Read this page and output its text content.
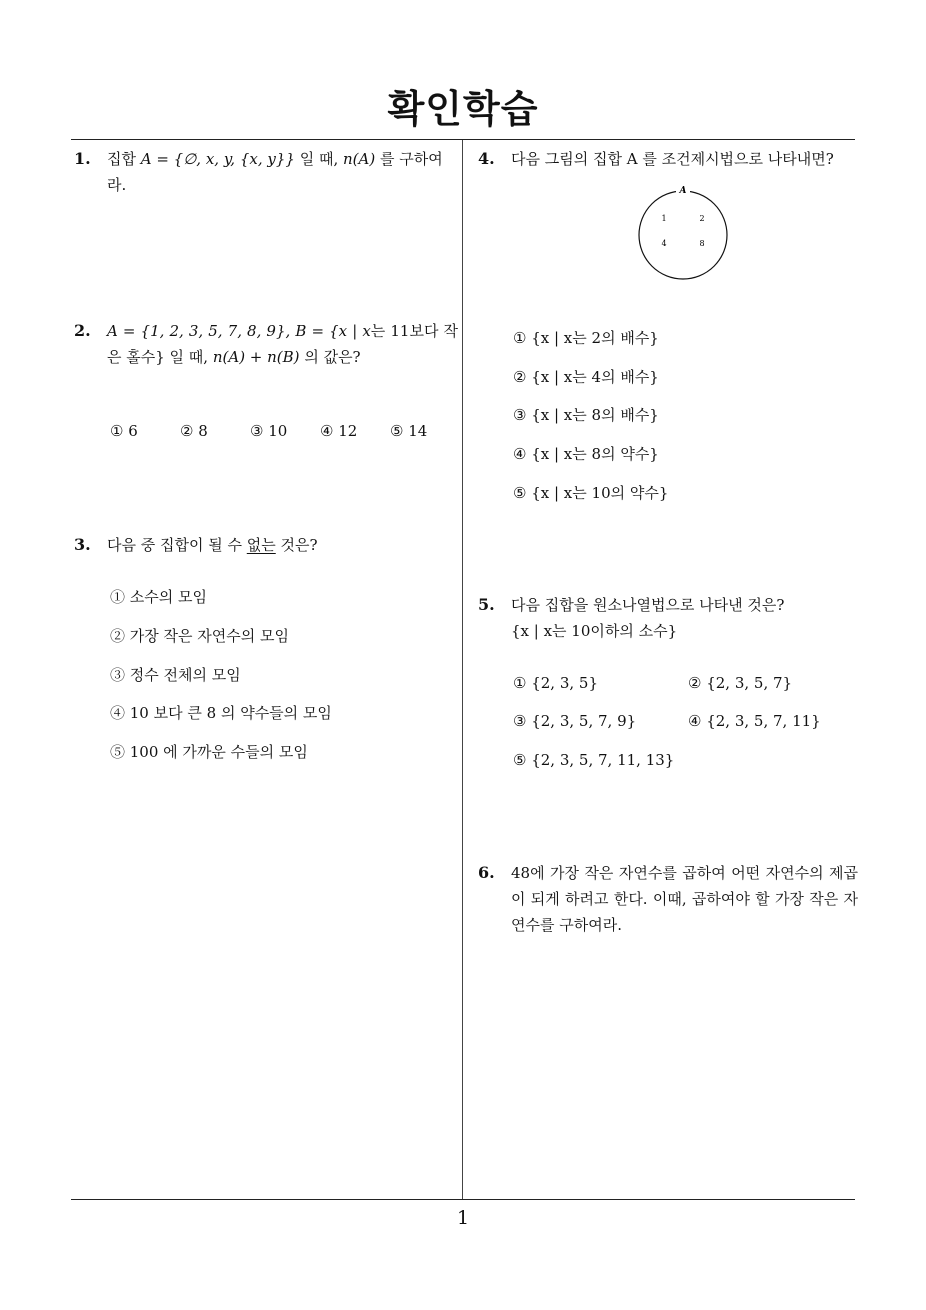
확인학습
1
1. 집합 A = {∅, x, y, {x, y}} 일 때, n(A) 를 구하여 라.
2. A = {1, 2, 3, 5, 7, 8, 9}, B = {x | x는 11보다 작은 홀수} 일 때, n(A) + n(B) 의 값은?
① 6	② 8	③ 10 ④ 12 ⑤ 14
3. 다음 중 집합이 될 수 없는 것은?
① 소수의 모임
② 가장 작은 자연수의 모임
③ 정수 전체의 모임
④ 10 보다 큰 8 의 약수들의 모임
⑤ 100 에 가까운 수들의 모임
4. 다음 그림의 집합 A 를 조건제시법으로 나타내면?
A
1	2
4	8
① {x | x는 2의 배수}
② {x | x는 4의 배수}
③ {x | x는 8의 배수}
④ {x | x는 8의 약수}
⑤ {x | x는 10의 약수}
5. 다음 집합을 원소나열법으로 나타낸 것은?
{x | x는 10이하의 소수}
① {2, 3, 5}	② {2, 3, 5, 7}
③ {2, 3, 5, 7, 9}	④ {2, 3, 5, 7, 11}
⑤ {2, 3, 5, 7, 11, 13}
6. 48에 가장 작은 자연수를 곱하여 어떤 자연수의 제곱이 되게 하려고 한다. 이때, 곱하여야 할 가장 작은 자연수를 구하여라.
